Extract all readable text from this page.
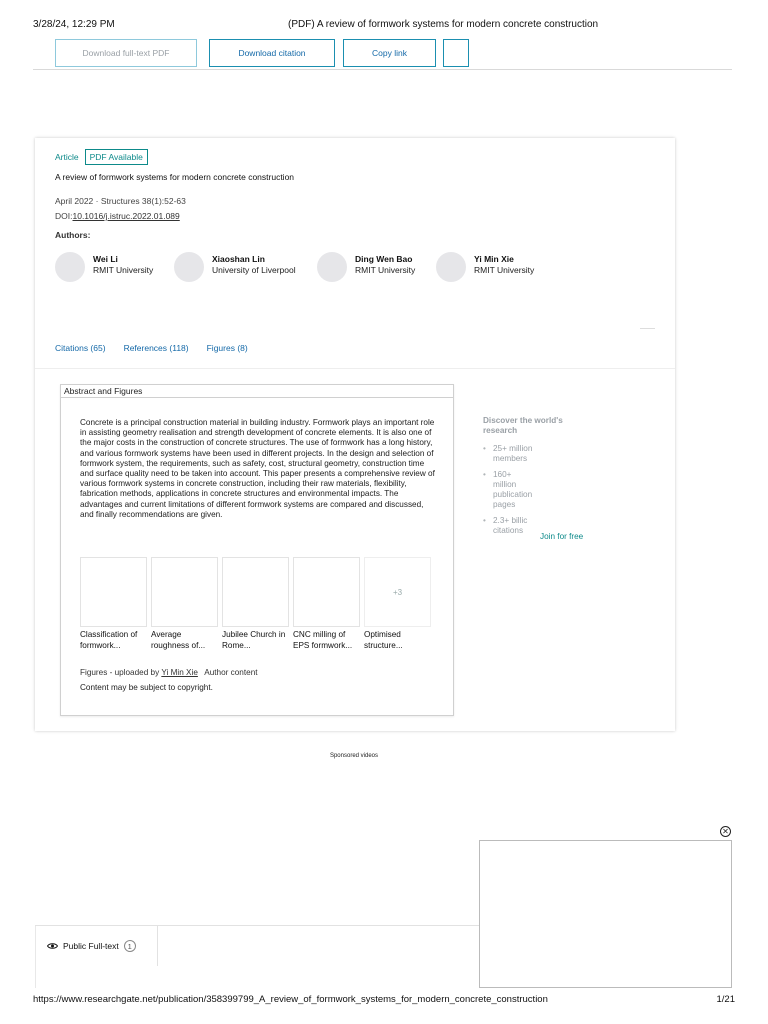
3/28/24, 12:29 PM	(PDF) A review of formwork systems for modern concrete construction
Download full-text PDF	Download citation	Copy link
Article	PDF Available
A review of formwork systems for modern concrete construction
April 2022 · Structures 38(1):52-63
DOI:10.1016/j.istruc.2022.01.089
Authors:
Wei Li
RMIT University
Xiaoshan Lin
University of Liverpool
Ding Wen Bao
RMIT University
Yi Min Xie
RMIT University
Citations (65) References (118) Figures (8)
Abstract and Figures
Concrete is a principal construction material in building industry. Formwork plays an important role in assisting geometry realisation and strength development of concrete elements. It is also one of the major costs in the construction of concrete structures. The use of formwork has a long history, and various formwork systems have been used in different projects. In the design and selection of formwork system, the requirements, such as safety, cost, structural geometry, construction time and surface quality need to be taken into account. This paper presents a comprehensive review of various formwork systems in concrete construction, including their raw materials, flexibility, fabrication methods, applications in concrete structures and environmental impacts. The advantages and current limitations of different formwork systems are compared and discussed, and finally recommendations are given.
+3
Classification of
formwork...
Average
roughness of...
Jubilee Church in
Rome...
CNC milling of
EPS formwork...
Optimised
structure...
Figures - uploaded by Yi Min Xie Author content
Content may be subject to copyright.
Discover the world's
research
• 25+ million
members
• 160+
million
publication
pages
• 2.3+ billic
citations
Join for free
Sponsored videos
✕
Public Full-text	1
https://www.researchgate.net/publication/358399799_A_review_of_formwork_systems_for_modern_concrete_construction	1/21
